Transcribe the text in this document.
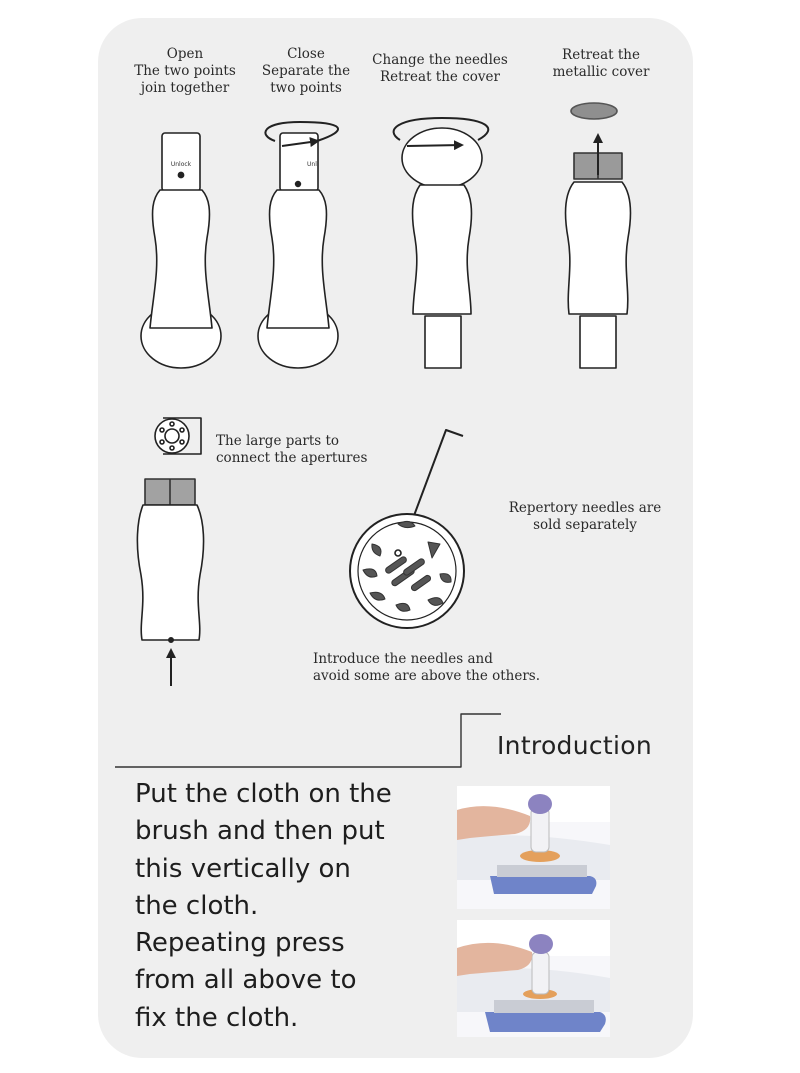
Open
The two points
join together
Close
Separate the
two points
Change the needles
Retreat the cover
Retreat the
metallic cover
The large parts to
connect the apertures
Repertory needles are
sold separately
Introduce the needles and
avoid some are above the others.
Unlock	Unl
Introduction
Put the cloth on the
brush and then put
this vertically on
the cloth.
Repeating press
from all above to
fix the cloth.
